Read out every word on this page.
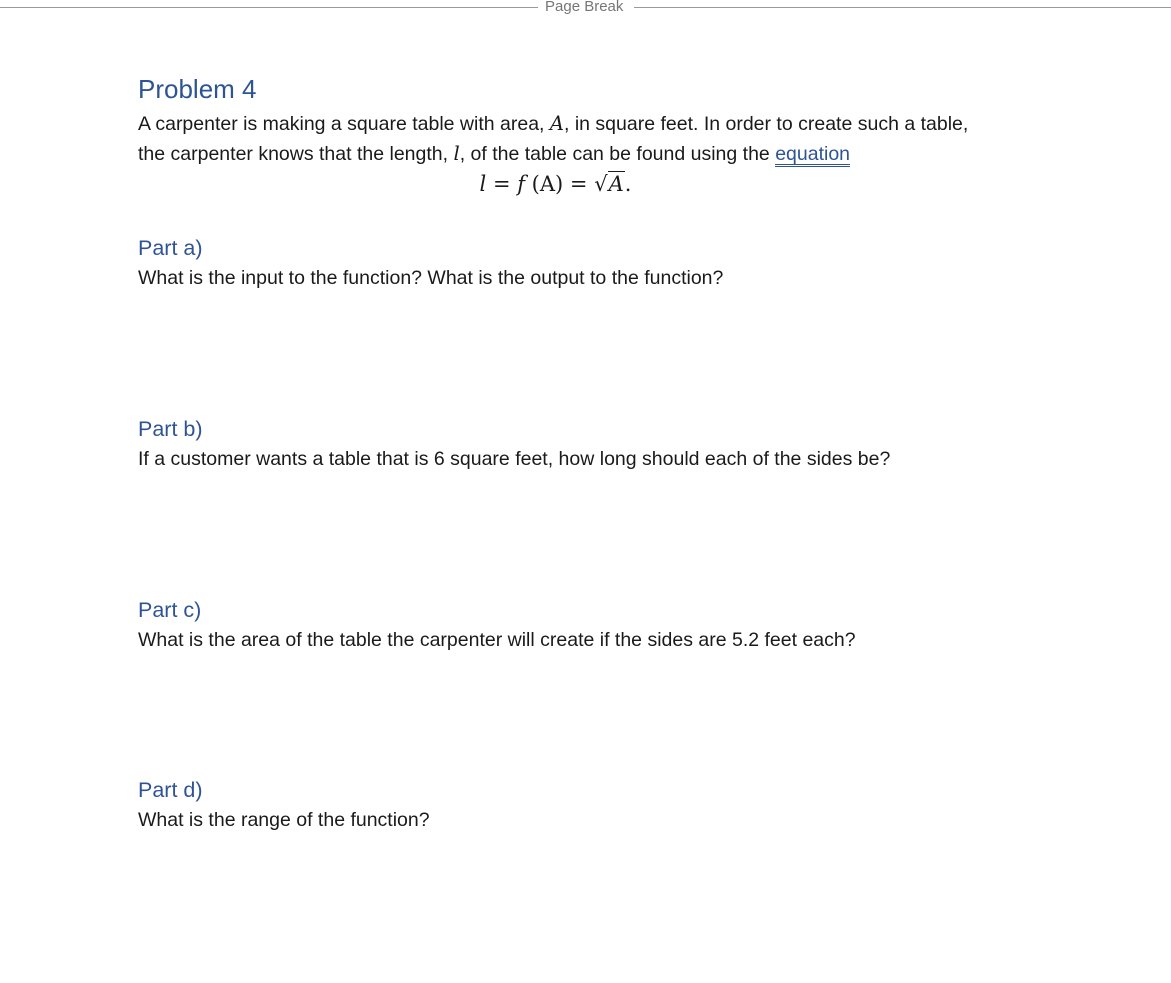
Page Break
Problem 4

A carpenter is making a square table with area, A, in square feet. In order to create such a table, the carpenter knows that the length, l, of the table can be found using the equation

l = f (A) = √A.

Part a)

What is the input to the function? What is the output to the function?

Part b)

If a customer wants a table that is 6 square feet, how long should each of the sides be?

Part c)

What is the area of the table the carpenter will create if the sides are 5.2 feet each?

Part d)

What is the range of the function?
